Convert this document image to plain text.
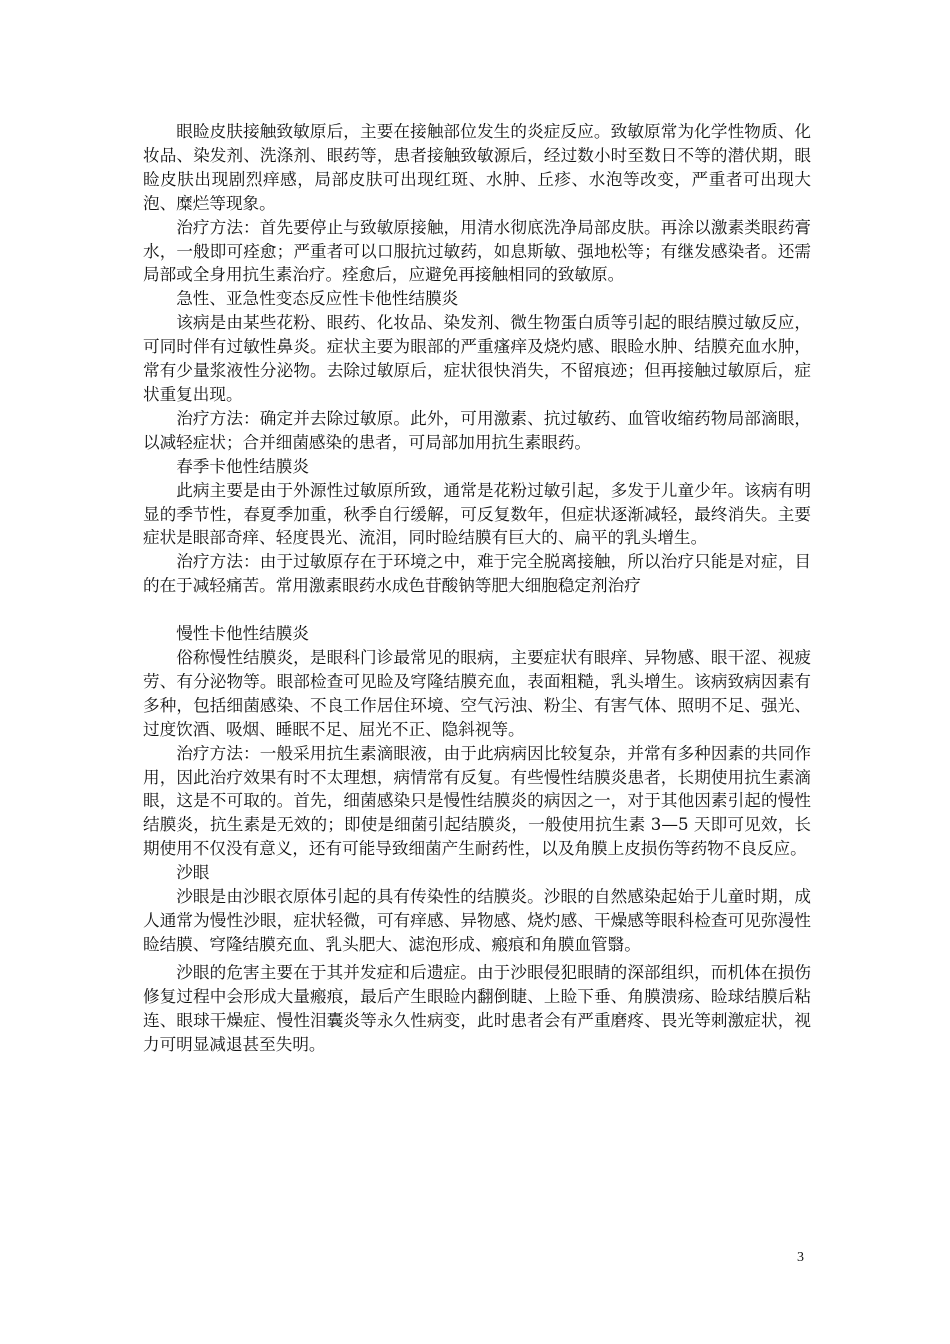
眼睑皮肤接触致敏原后，主要在接触部位发生的炎症反应。致敏原常为化学性物质、化妆品、染发剂、洗涤剂、眼药等，患者接触致敏源后，经过数小时至数日不等的潜伏期，眼睑皮肤出现剧烈痒感，局部皮肤可出现红斑、水肿、丘疹、水泡等改变，严重者可出现大泡、糜烂等现象。

治疗方法：首先要停止与致敏原接触，用清水彻底洗净局部皮肤。再涂以激素类眼药膏水，一般即可痊愈；严重者可以口服抗过敏药，如息斯敏、强地松等；有继发感染者。还需局部或全身用抗生素治疗。痊愈后，应避免再接触相同的致敏原。

急性、亚急性变态反应性卡他性结膜炎

该病是由某些花粉、眼药、化妆品、染发剂、微生物蛋白质等引起的眼结膜过敏反应，可同时伴有过敏性鼻炎。症状主要为眼部的严重瘙痒及烧灼感、眼睑水肿、结膜充血水肿，常有少量浆液性分泌物。去除过敏原后，症状很快消失，不留痕迹；但再接触过敏原后，症状重复出现。

治疗方法：确定并去除过敏原。此外，可用激素、抗过敏药、血管收缩药物局部滴眼，以减轻症状；合并细菌感染的患者，可局部加用抗生素眼药。

春季卡他性结膜炎

此病主要是由于外源性过敏原所致，通常是花粉过敏引起，多发于儿童少年。该病有明显的季节性，春夏季加重，秋季自行缓解，可反复数年，但症状逐渐减轻，最终消失。主要症状是眼部奇痒、轻度畏光、流泪，同时睑结膜有巨大的、扁平的乳头增生。

治疗方法：由于过敏原存在于环境之中，难于完全脱离接触，所以治疗只能是对症，目的在于减轻痛苦。常用激素眼药水成色苷酸钠等肥大细胞稳定剂治疗

慢性卡他性结膜炎

俗称慢性结膜炎，是眼科门诊最常见的眼病，主要症状有眼痒、异物感、眼干涩、视疲劳、有分泌物等。眼部检查可见睑及穹隆结膜充血，表面粗糙，乳头增生。该病致病因素有多种，包括细菌感染、不良工作居住环境、空气污浊、粉尘、有害气体、照明不足、强光、过度饮酒、吸烟、睡眠不足、屈光不正、隐斜视等。

治疗方法：一般采用抗生素滴眼液，由于此病病因比较复杂，并常有多种因素的共同作用，因此治疗效果有时不太理想，病情常有反复。有些慢性结膜炎患者，长期使用抗生素滴眼，这是不可取的。首先，细菌感染只是慢性结膜炎的病因之一，对于其他因素引起的慢性结膜炎，抗生素是无效的；即使是细菌引起结膜炎，一般使用抗生素 3—5 天即可见效，长期使用不仅没有意义，还有可能导致细菌产生耐药性，以及角膜上皮损伤等药物不良反应。

沙眼

沙眼是由沙眼衣原体引起的具有传染性的结膜炎。沙眼的自然感染起始于儿童时期，成人通常为慢性沙眼，症状轻微，可有痒感、异物感、烧灼感、干燥感等眼科检查可见弥漫性睑结膜、穹隆结膜充血、乳头肥大、滤泡形成、瘢痕和角膜血管翳。

沙眼的危害主要在于其并发症和后遗症。由于沙眼侵犯眼睛的深部组织，而机体在损伤修复过程中会形成大量瘢痕，最后产生眼睑内翻倒睫、上睑下垂、角膜溃疡、睑球结膜后粘连、眼球干燥症、慢性泪囊炎等永久性病变，此时患者会有严重磨疼、畏光等刺激症状，视力可明显减退甚至失明。

3
